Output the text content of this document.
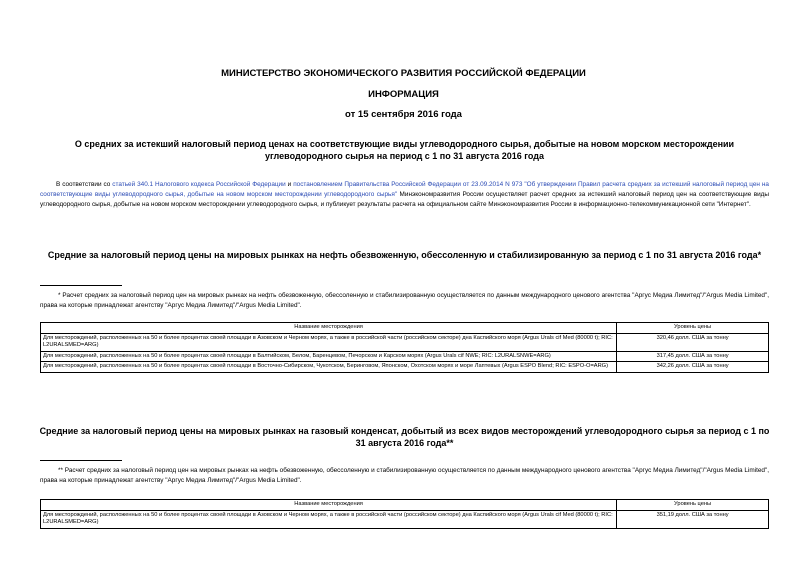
МИНИСТЕРСТВО ЭКОНОМИЧЕСКОГО РАЗВИТИЯ РОССИЙСКОЙ ФЕДЕРАЦИИ
ИНФОРМАЦИЯ
от 15 сентября 2016 года
О средних за истекший налоговый период ценах на соответствующие виды углеводородного сырья, добытые на новом морском месторождении углеводородного сырья на период с 1 по 31 августа 2016 года
В соответствии со статьей 340.1 Налогового кодекса Российской Федерации и постановлением Правительства Российской Федерации от 23.09.2014 N 973 "Об утверждении Правил расчета средних за истекший налоговый период цен на соответствующие виды углеводородного сырья, добытые на новом морском месторождении углеводородного сырья" Минэкономразвития России осуществляет расчет средних за истекший налоговый период цен на соответствующие виды углеводородного сырья, добытые на новом морском месторождении углеводородного сырья, и публикует результаты расчета на официальном сайте Минэкономразвития России в информационно-телекоммуникационной сети "Интернет".
Средние за налоговый период цены на мировых рынках на нефть обезвоженную, обессоленную и стабилизированную за период с 1 по 31 августа 2016 года*
* Расчет средних за налоговый период цен на мировых рынках на нефть обезвоженную, обессоленную и стабилизированную осуществляется по данным международного ценового агентства "Аргус Медиа Лимитед"/"Argus Media Limited", права на которые принадлежат агентству "Аргус Медиа Лимитед"/"Argus Media Limited".
Название месторождения	Уровень цены
Для месторождений, расположенных на 50 и более процентах своей площади в Азовском и Черном морях, а также в российской части (российском секторе) дна Каспийского моря (Argus Urals cif Med (80000 t); RIC: L2URALSMED=ARG)	320,46 долл. США за тонну
Для месторождений, расположенных на 50 и более процентах своей площади в Балтийском, Белом, Баренцевом, Печорском и Карском морях (Argus Urals cif NWE; RIC: L2URALSNWE=ARG)	317,45 долл. США за тонну
Для месторождений, расположенных на 50 и более процентах своей площади в Восточно-Сибирском, Чукотском, Беринговом, Японском, Охотском морях и море Лаптевых (Argus ESPO Blend; RIC: ESPO-O=ARG)	342,26 долл. США за тонну
Средние за налоговый период цены на мировых рынках на газовый конденсат, добытый из всех видов месторождений углеводородного сырья за период с 1 по 31 августа 2016 года**
** Расчет средних за налоговый период цен на мировых рынках на нефть обезвоженную, обессоленную и стабилизированную осуществляется по данным международного ценового агентства "Аргус Медиа Лимитед"/"Argus Media Limited", права на которые принадлежат агентству "Аргус Медиа Лимитед"/"Argus Media Limited".
Название месторождения	Уровень цены
Для месторождений, расположенных на 50 и более процентах своей площади в Азовском и Черном морях, а также в российской части (российском секторе) дна Каспийского моря (Argus Urals cif Med (80000 t); RIC: L2URALSMED=ARG)	351,19 долл. США за тонну
